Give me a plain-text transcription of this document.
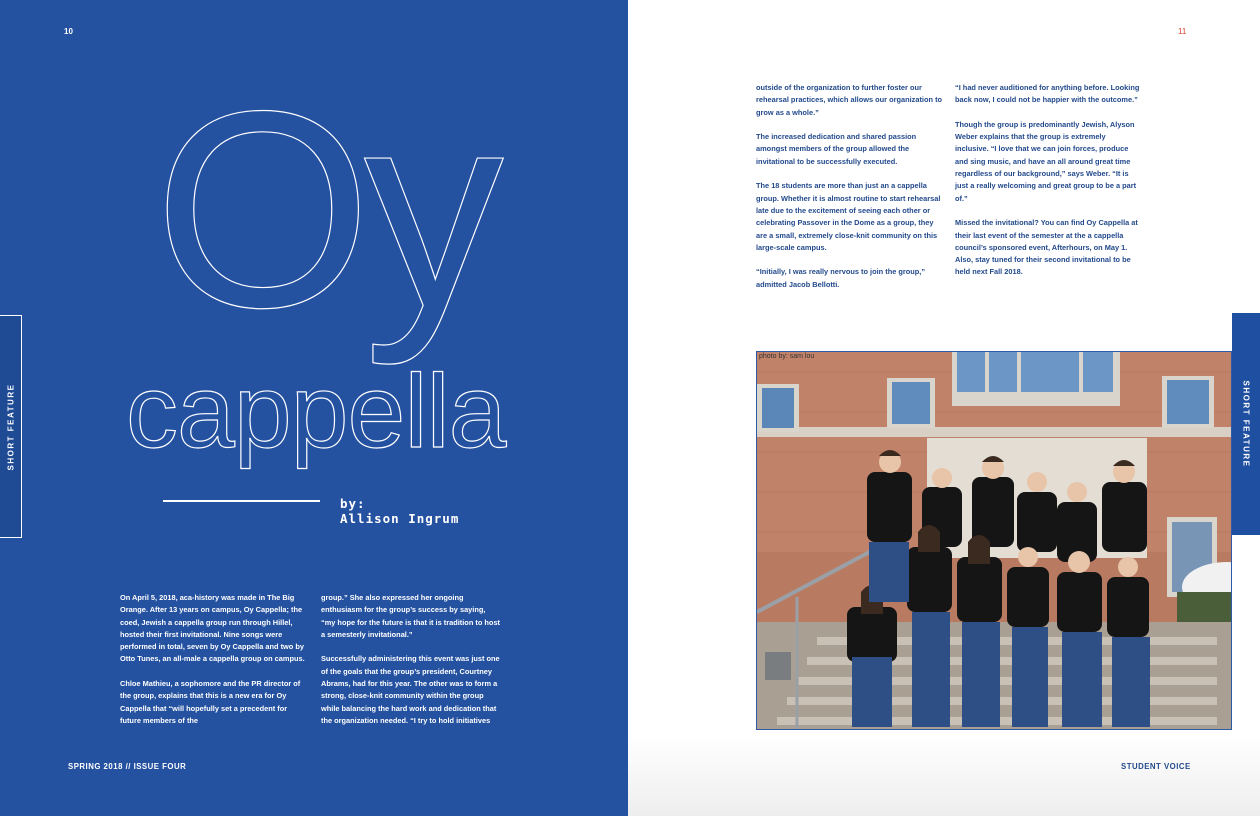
10
SHORT FEATURE
Oy
cappella
by:
Allison Ingrum

On April 5, 2018, aca-history was made in The Big Orange. After 13 years on campus, Oy Cappella; the coed, Jewish a cappella group run through Hillel, hosted their first invitational. Nine songs were performed in total, seven by Oy Cappella and two by Otto Tunes, an all-male a cappella group on campus.

Chloe Mathieu, a sophomore and the PR director of the group, explains that this is a new era for Oy Cappella that “will hopefully set a precedent for future members of the

group.” She also expressed her ongoing enthusiasm for the group’s success by saying, “my hope for the future is that it is tradition to host a semesterly invitational.”

Successfully administering this event was just one of the goals that the group’s president, Courtney Abrams, had for this year. The other was to form a strong, close-knit community within the group while balancing the hard work and dedication that the organization needed. “I try to hold initiatives

SPRING 2018 // ISSUE FOUR
11

outside of the organization to further foster our rehearsal practices, which allows our organization to grow as a whole.”

The increased dedication and shared passion amongst members of the group allowed the invitational to be successfully executed.

The 18 students are more than just an a cappella group. Whether it is almost routine to start rehearsal late due to the excitement of seeing each other or celebrating Passover in the Dome as a group, they are a small, extremely close-knit community on this large-scale campus.

“Initially, I was really nervous to join the group,” admitted Jacob Bellotti.

“I had never auditioned for anything before. Looking back now, I could not be happier with the outcome.”

Though the group is predominantly Jewish, Alyson Weber explains that the group is extremely inclusive. “I love that we can join forces, produce and sing music, and have an all around great time regardless of our background,” says Weber. “It is just a really welcoming and great group to be a part of.”

Missed the invitational? You can find Oy Cappella at their last event of the semester at the a cappella council’s sponsored event, Afterhours, on May 1. Also, stay tuned for their second invitational to be held next Fall 2018.

photo by: sam lou
SHORT FEATURE
STUDENT VOICE
